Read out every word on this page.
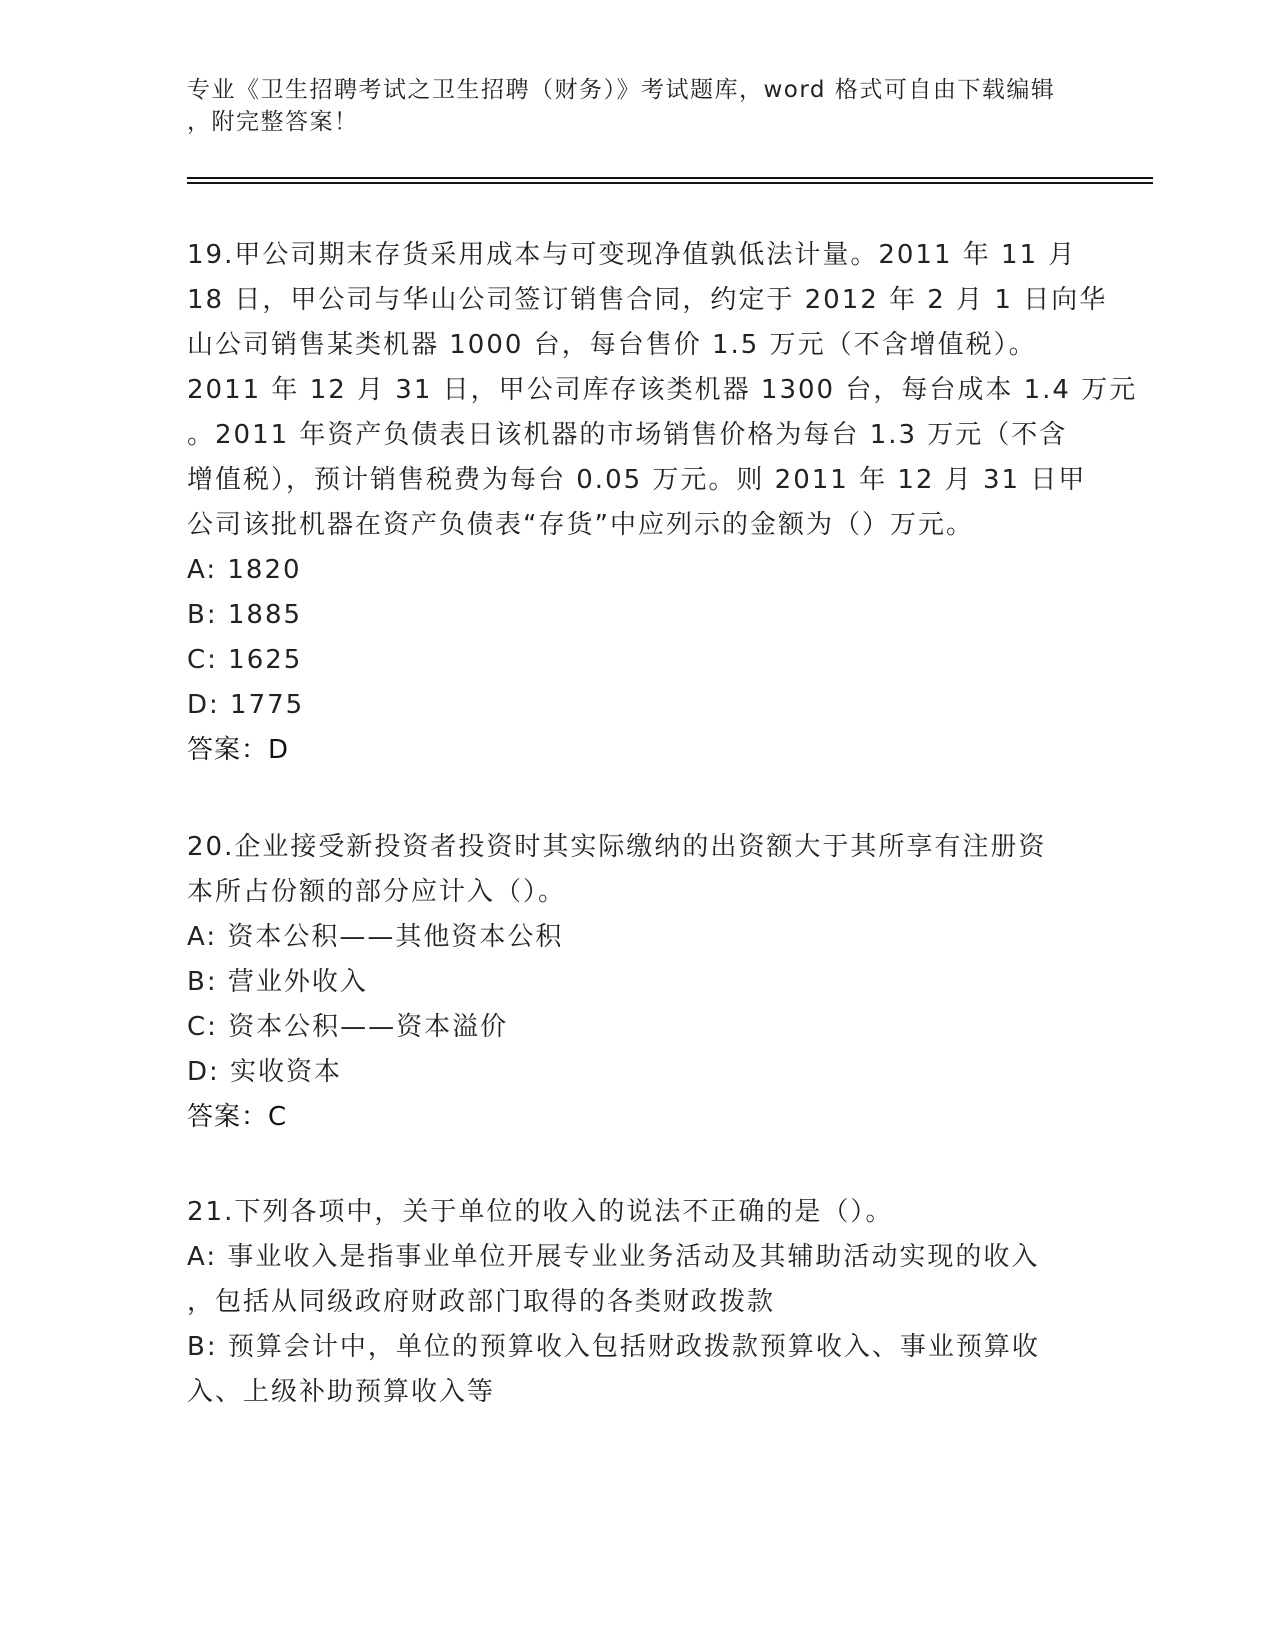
专业《卫生招聘考试之卫生招聘（财务）》考试题库，word 格式可自由下载编辑
，附完整答案！
19.甲公司期末存货采用成本与可变现净值孰低法计量。2011 年 11 月
18 日，甲公司与华山公司签订销售合同，约定于 2012 年 2 月 1 日向华
山公司销售某类机器 1000 台，每台售价 1.5 万元（不含增值税）。
2011 年 12 月 31 日，甲公司库存该类机器 1300 台，每台成本 1.4 万元
。2011 年资产负债表日该机器的市场销售价格为每台 1.3 万元（不含
增值税），预计销售税费为每台 0.05 万元。则 2011 年 12 月 31 日甲
公司该批机器在资产负债表“存货”中应列示的金额为（）万元。
A: 1820
B: 1885
C: 1625
D: 1775
答案：D
20.企业接受新投资者投资时其实际缴纳的出资额大于其所享有注册资
本所占份额的部分应计入（）。
A: 资本公积——其他资本公积
B: 营业外收入
C: 资本公积——资本溢价
D: 实收资本
答案：C
21.下列各项中，关于单位的收入的说法不正确的是（）。
A: 事业收入是指事业单位开展专业业务活动及其辅助活动实现的收入
，包括从同级政府财政部门取得的各类财政拨款
B: 预算会计中，单位的预算收入包括财政拨款预算收入、事业预算收
入、上级补助预算收入等
